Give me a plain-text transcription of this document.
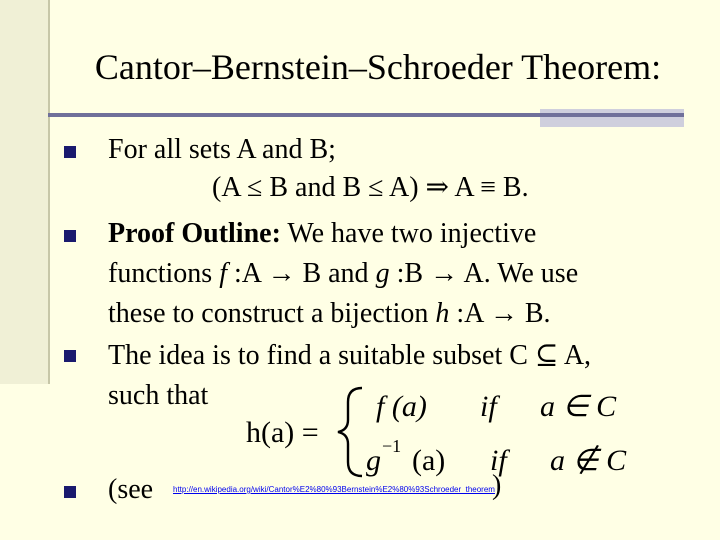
Cantor–Bernstein–Schroeder Theorem:
For all sets A and B;
(A ≤ B and B ≤ A) ⇒ A ≡ B.
Proof Outline: We have two injective
functions f :A → B and g :B → A. We use
these to construct a bijection h :A → B.
The idea is to find a suitable subset C ⊆ A,
such that
h(a) =
f (a) if a ∈ C
g −1 (a) if a ∉ C
(see http://en.wikipedia.org/wiki/Cantor%E2%80%93Bernstein%E2%80%93Schroeder_theorem
)
